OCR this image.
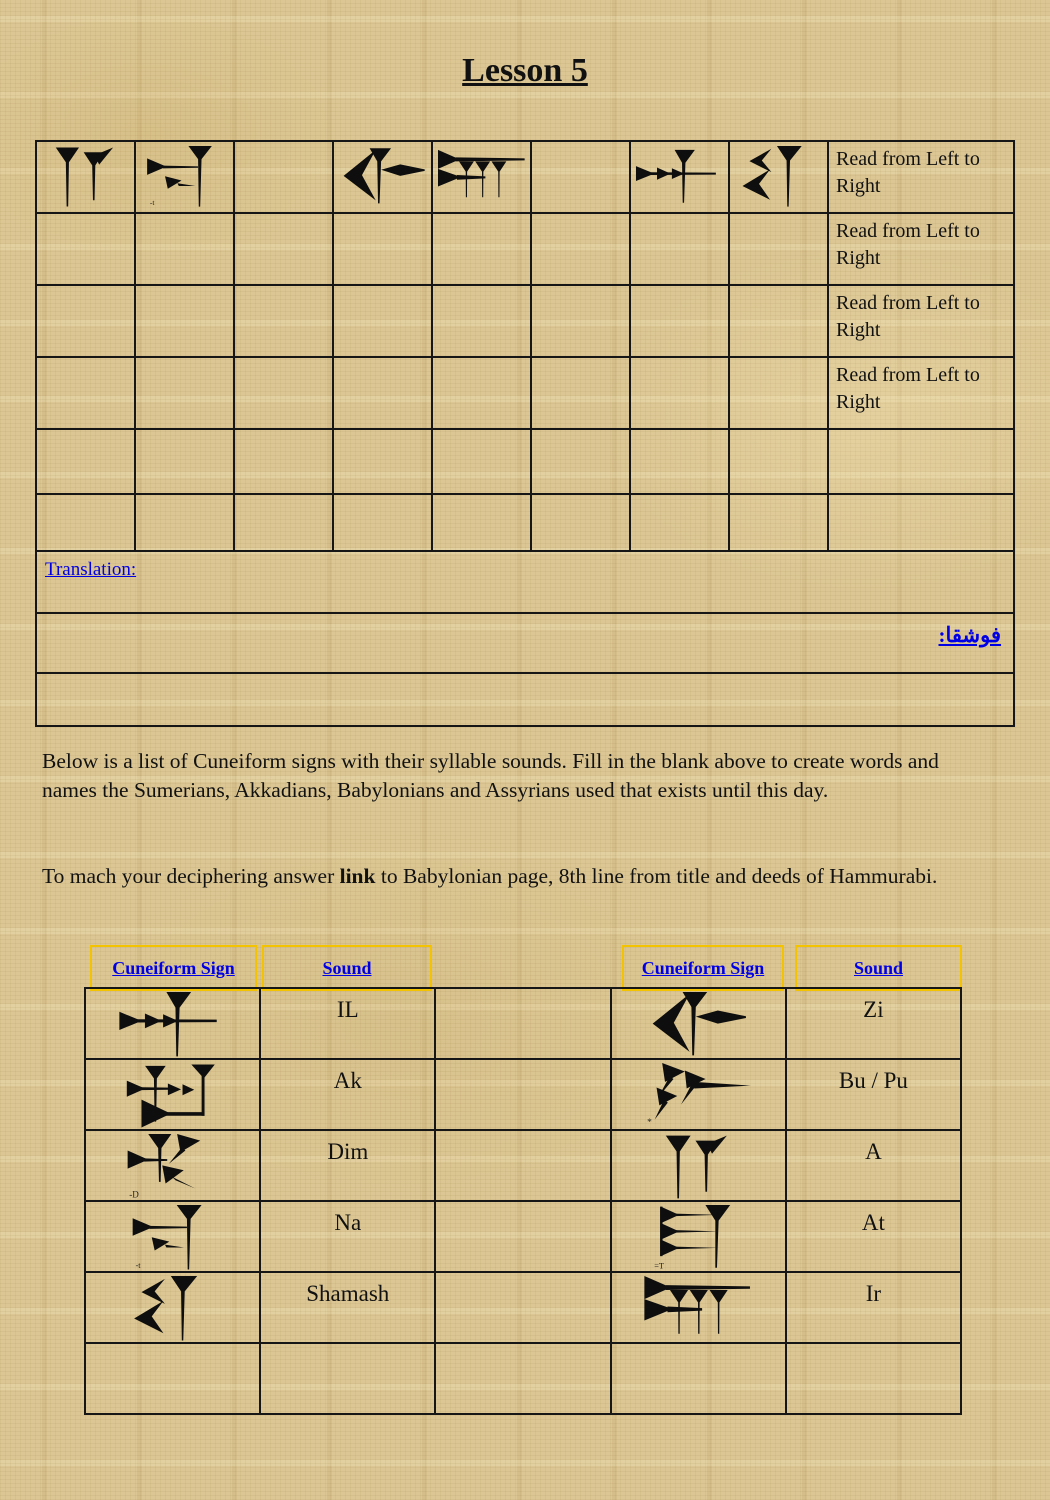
Lesson 5

Read from Left to Right

								Read from Left to Right

								Read from Left to Right

								Read from Left to Right

Translation:								

فوشقا:								

Below is a list of Cuneiform signs with their syllable sounds. Fill in the blank above to create words and names the Sumerians, Akkadians, Babylonians and Assyrians used that exists until this day.
To mach your deciphering answer link to Babylonian page, 8th line from title and deeds of Hammurabi.
Cuneiform Sign	Sound	Cuneiform Sign	Sound

IL			Zi

Ak			Bu / Pu

Dim			A

Na			At

Shamash			Ir
